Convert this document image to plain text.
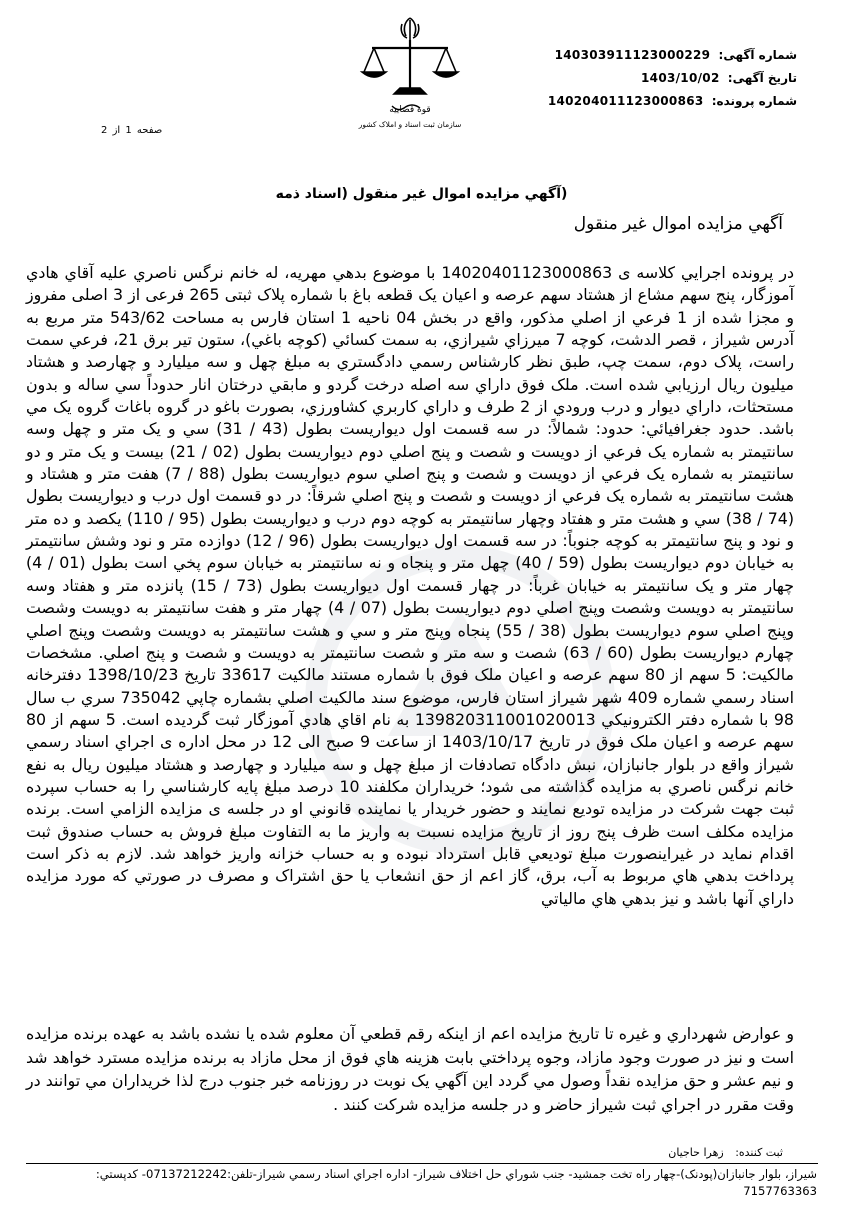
شماره آگهی: 140303911123000229
تاریخ آگهی: 1403/10/02
شماره پرونده: 140204011123000863
قوه قضاییه
سازمان ثبت اسناد و املاک کشور
صفحه 1 از 2
(آگهي مزايده اموال غير منقول (اسناد ذمه
آگهي مزايده اموال غير منقول
در پرونده اجرايي كلاسه ی 14020401123000863 با موضوع بدهي مهريه، له خانم نرگس ناصري عليه آقاي هادي آموزگار، پنج سهم مشاع از هشتاد سهم عرصه و اعيان يک قطعه باغ با شماره پلاک ثبتی 265 فرعی از 3 اصلی مفروز و مجزا شده از 1 فرعي از اصلي مذكور، واقع در بخش 04 ناحيه 1 استان فارس به مساحت 543/62 متر مربع به آدرس شيراز ، قصر الدشت، كوچه 7 ميرزاي شيرازي، به سمت كسائي (كوچه باغي)، ستون تير برق 21، فرعي سمت راست، پلاک دوم، سمت چپ، طبق نظر كارشناس رسمي دادگستري به مبلغ چهل و سه ميليارد و چهارصد و هشتاد ميليون ريال ارزيابي شده است. ملک فوق داراي سه اصله درخت گردو و مابقي درختان انار حدوداً سي ساله و بدون مستحثات، داراي ديوار و درب ورودي از 2 طرف و داراي كاربري كشاورزي، بصورت باغو در گروه باغات گروه يک مي باشد. حدود جغرافيائي: حدود: شمالاً: در سه قسمت اول ديواريست بطول (43 / 31) سي و يک متر و چهل وسه سانتيمتر به شماره يک فرعي از دويست و شصت و پنج اصلي دوم ديواريست بطول (02 / 21) بيست و يک متر و دو سانتيمتر به شماره يک فرعي از دويست و شصت و پنج اصلي سوم ديواريست بطول (88 / 7) هفت متر و هشتاد و هشت سانتيمتر به شماره يک فرعي از دويست و شصت و پنج اصلي شرقاً: در دو قسمت اول درب و ديواريست بطول (74 / 38) سي و هشت متر و هفتاد وچهار سانتيمتر به كوچه دوم درب و ديواريست بطول (95 / 110) يكصد و ده متر و نود و پنج سانتيمتر به كوچه جنوباً: در سه قسمت اول ديواريست بطول (96 / 12) دوازده متر و نود وشش سانتيمتر به خيابان دوم ديواريست بطول (59 / 40) چهل متر و پنجاه و نه سانتيمتر به خيابان سوم پخي است بطول (01 / 4) چهار متر و يک سانتيمتر به خيابان غرباً: در چهار قسمت اول ديواريست بطول (73 / 15) پانزده متر و هفتاد وسه سانتيمتر به دويست وشصت وپنج اصلي دوم ديواريست بطول (07 / 4) چهار متر و هفت سانتيمتر به دويست وشصت وپنج اصلي سوم ديواريست بطول (38 / 55) پنجاه وپنج متر و سي و هشت سانتيمتر به دويست وشصت وپنج اصلي چهارم ديواريست بطول (60 / 63) شصت و سه متر و شصت سانتيمتر به دويست و شصت و پنج اصلي. مشخصات مالكيت: 5 سهم از 80 سهم عرصه و اعيان ملک فوق با شماره مستند مالكيت 33617 تاريخ 1398/10/23 دفترخانه اسناد رسمي شماره 409 شهر شيراز استان فارس، موضوع سند مالكيت اصلي بشماره چاپي 735042 سري ب سال 98 با شماره دفتر الكترونيكي 139820311001020013 به نام اقاي هادي آموزگار ثبت گرديده است. 5 سهم از 80 سهم عرصه و اعيان ملک فوق در تاريخ 1403/10/17 از ساعت 9 صبح الی 12 در محل اداره ی اجراي اسناد رسمي شيراز واقع در بلوار جانبازان، نبش دادگاه تصادفات از مبلغ چهل و سه ميليارد و چهارصد و هشتاد ميليون ريال به نفع خانم نرگس ناصري به مزايده گذاشته می شود؛ خريداران مكلفند 10 درصد مبلغ پايه كارشناسي را به حساب سپرده ثبت جهت شركت در مزايده توديع نمايند و حضور خريدار يا نماينده قانوني او در جلسه ی مزايده الزامي است. برنده مزايده مكلف است ظرف پنج روز از تاريخ مزايده نسبت به واريز ما به التفاوت مبلغ فروش به حساب صندوق ثبت اقدام نمايد در غيراينصورت مبلغ توديعي قابل استرداد نبوده و به حساب خزانه واريز خواهد شد. لازم به ذكر است پرداخت بدهي هاي مربوط به آب، برق، گاز اعم از حق انشعاب يا حق اشتراک و مصرف در صورتي كه مورد مزايده داراي آنها باشد و نيز بدهي هاي مالياتي
و عوارض شهرداري و غيره تا تاريخ مزايده اعم از اينكه رقم قطعي آن معلوم شده يا نشده باشد به عهده برنده مزايده است و نيز در صورت وجود مازاد، وجوه پرداختي بابت هزينه هاي فوق از محل مازاد به برنده مزايده مسترد خواهد شد و نيم عشر و حق مزايده نقداً وصول مي گردد اين آگهي يک نوبت در روزنامه خبر جنوب درج لذا خريداران مي توانند در وقت مقرر در اجراي ثبت شيراز حاضر و در جلسه مزايده شركت كنند .
ثبت کننده: زهرا حاجیان
شيراز، بلوار جانبازان(پودنک)-چهار راه تخت جمشيد- جنب شوراي حل اختلاف شيراز- اداره اجراي اسناد رسمي شيراز-تلفن:07137212242- كدپستي: 7157763363
